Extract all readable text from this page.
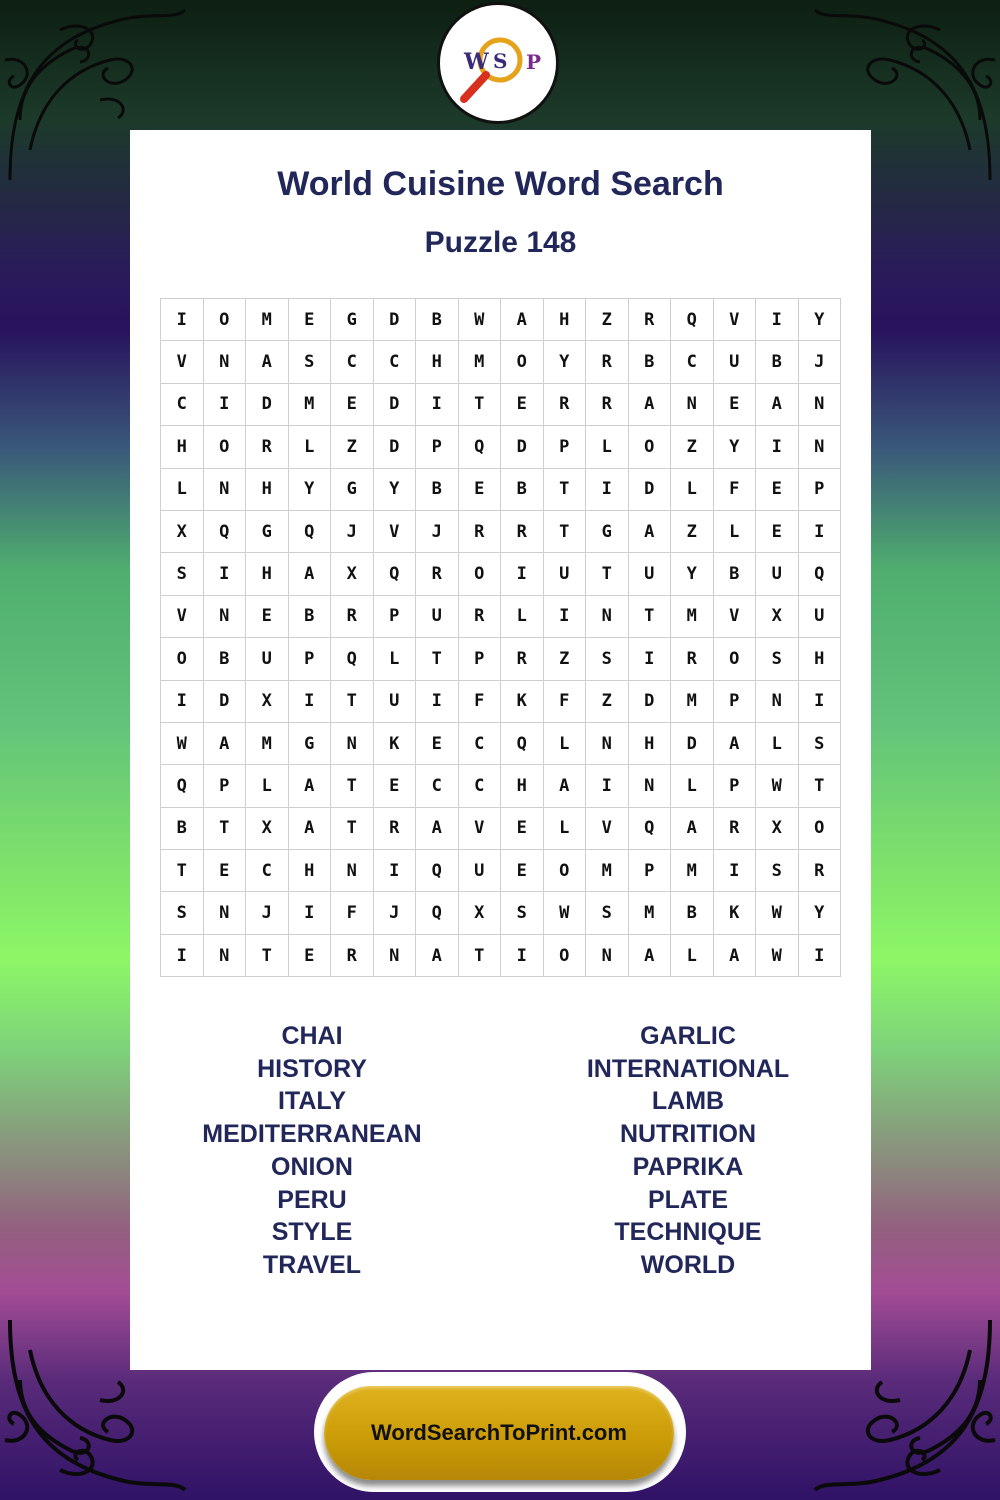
W S P
World Cuisine Word Search
Puzzle 148
I	O	M	E	G	D	B	W	A	H	Z	R	Q	V	I	Y
V	N	A	S	C	C	H	M	O	Y	R	B	C	U	B	J
C	I	D	M	E	D	I	T	E	R	R	A	N	E	A	N
H	O	R	L	Z	D	P	Q	D	P	L	O	Z	Y	I	N
L	N	H	Y	G	Y	B	E	B	T	I	D	L	F	E	P
X	Q	G	Q	J	V	J	R	R	T	G	A	Z	L	E	I
S	I	H	A	X	Q	R	O	I	U	T	U	Y	B	U	Q
V	N	E	B	R	P	U	R	L	I	N	T	M	V	X	U
O	B	U	P	Q	L	T	P	R	Z	S	I	R	O	S	H
I	D	X	I	T	U	I	F	K	F	Z	D	M	P	N	I
W	A	M	G	N	K	E	C	Q	L	N	H	D	A	L	S
Q	P	L	A	T	E	C	C	H	A	I	N	L	P	W	T
B	T	X	A	T	R	A	V	E	L	V	Q	A	R	X	O
T	E	C	H	N	I	Q	U	E	O	M	P	M	I	S	R
S	N	J	I	F	J	Q	X	S	W	S	M	B	K	W	Y
I	N	T	E	R	N	A	T	I	O	N	A	L	A	W	I
CHAI
HISTORY
ITALY
MEDITERRANEAN
ONION
PERU
STYLE
TRAVEL
GARLIC
INTERNATIONAL
LAMB
NUTRITION
PAPRIKA
PLATE
TECHNIQUE
WORLD
WordSearchToPrint.com
